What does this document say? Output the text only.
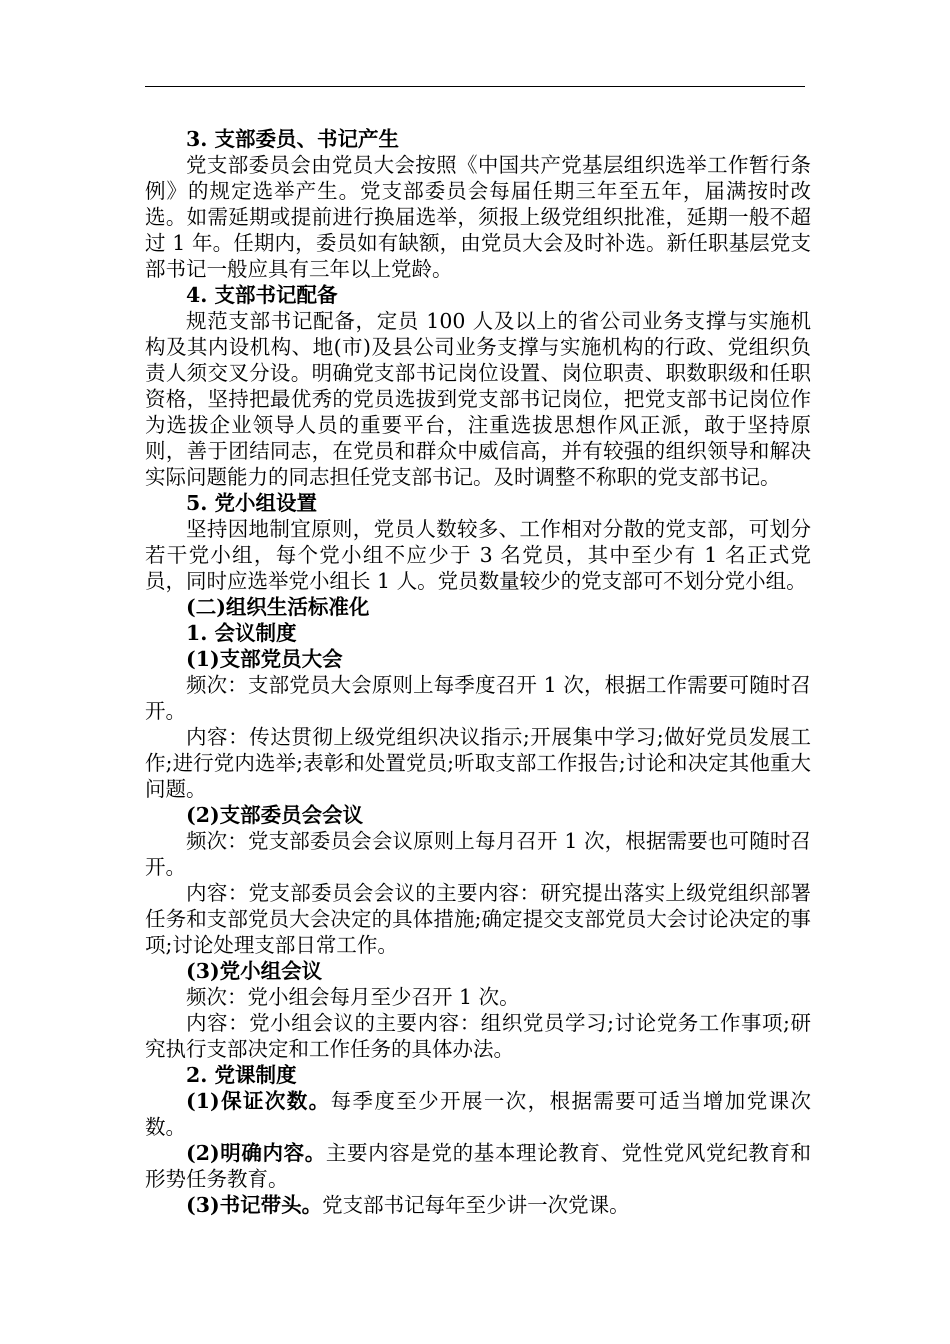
3. 支部委员、书记产生

党支部委员会由党员大会按照《中国共产党基层组织选举工作暂行条例》的规定选举产生。党支部委员会每届任期三年至五年，届满按时改选。如需延期或提前进行换届选举，须报上级党组织批准，延期一般不超过 1 年。任期内，委员如有缺额，由党员大会及时补选。新任职基层党支部书记一般应具有三年以上党龄。

4. 支部书记配备

规范支部书记配备，定员 100 人及以上的省公司业务支撑与实施机构及其内设机构、地(市)及县公司业务支撑与实施机构的行政、党组织负责人须交叉分设。明确党支部书记岗位设置、岗位职责、职数职级和任职资格，坚持把最优秀的党员选拔到党支部书记岗位，把党支部书记岗位作为选拔企业领导人员的重要平台，注重选拔思想作风正派，敢于坚持原则，善于团结同志，在党员和群众中威信高，并有较强的组织领导和解决实际问题能力的同志担任党支部书记。及时调整不称职的党支部书记。

5. 党小组设置

坚持因地制宜原则，党员人数较多、工作相对分散的党支部，可划分若干党小组，每个党小组不应少于 3 名党员，其中至少有 1 名正式党员，同时应选举党小组长 1 人。党员数量较少的党支部可不划分党小组。

(二)组织生活标准化

1. 会议制度

(1)支部党员大会

频次：支部党员大会原则上每季度召开 1 次，根据工作需要可随时召开。

内容：传达贯彻上级党组织决议指示;开展集中学习;做好党员发展工作;进行党内选举;表彰和处置党员;听取支部工作报告;讨论和决定其他重大问题。

(2)支部委员会会议

频次：党支部委员会会议原则上每月召开 1 次，根据需要也可随时召开。

内容：党支部委员会会议的主要内容：研究提出落实上级党组织部署任务和支部党员大会决定的具体措施;确定提交支部党员大会讨论决定的事项;讨论处理支部日常工作。

(3)党小组会议

频次：党小组会每月至少召开 1 次。

内容：党小组会议的主要内容：组织党员学习;讨论党务工作事项;研究执行支部决定和工作任务的具体办法。

2. 党课制度

(1)保证次数。每季度至少开展一次，根据需要可适当增加党课次数。

(2)明确内容。主要内容是党的基本理论教育、党性党风党纪教育和形势任务教育。

(3)书记带头。党支部书记每年至少讲一次党课。
